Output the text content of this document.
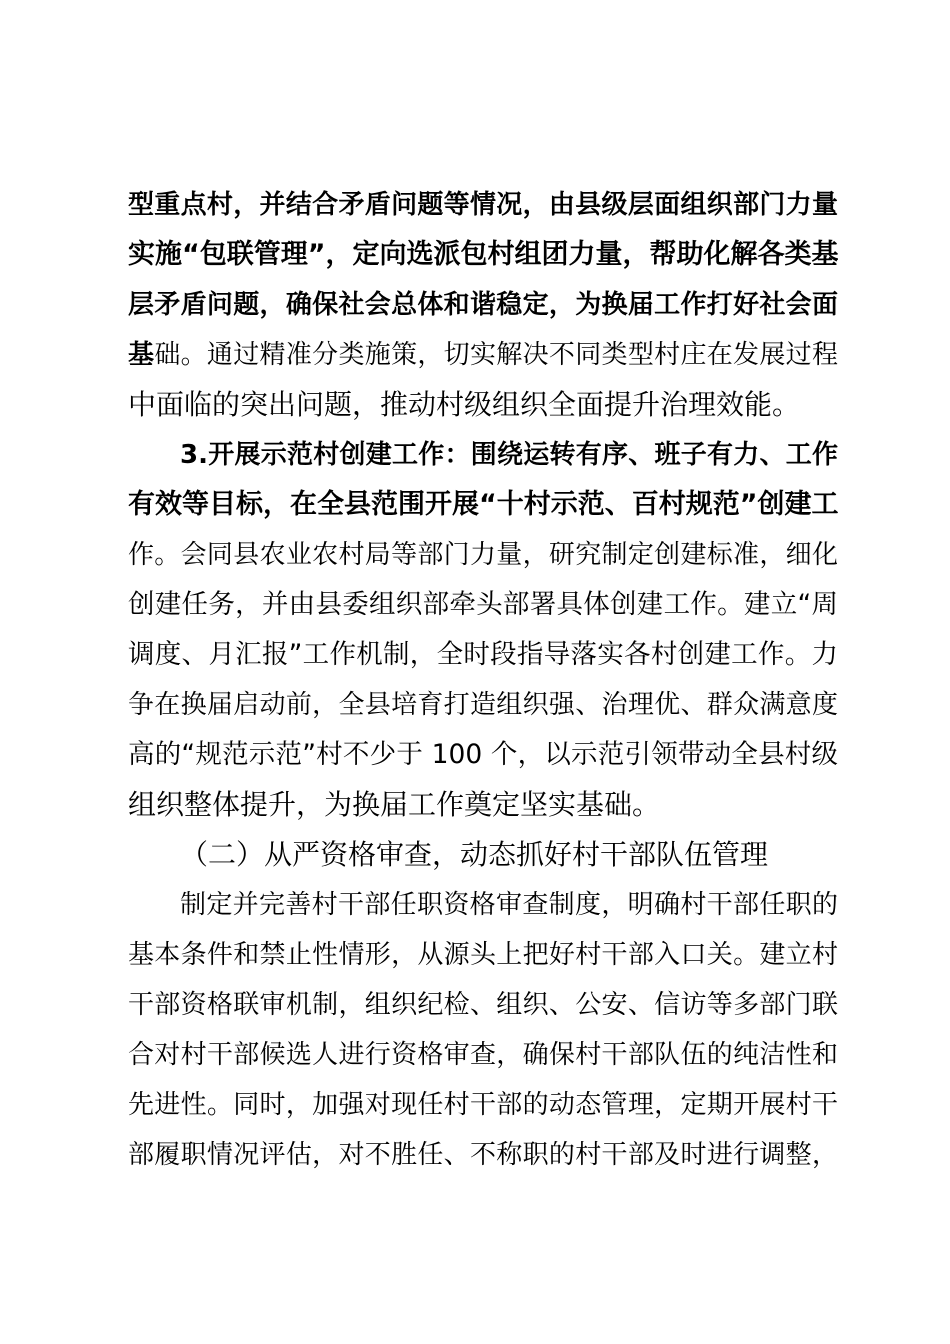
型重点村，并结合矛盾问题等情况，由县级层面组织部门力量
实施“包联管理”，定向选派包村组团力量，帮助化解各类基
层矛盾问题，确保社会总体和谐稳定，为换届工作打好社会面
基础。通过精准分类施策，切实解决不同类型村庄在发展过程
中面临的突出问题，推动村级组织全面提升治理效能。
3.开展示范村创建工作：围绕运转有序、班子有力、工作
有效等目标，在全县范围开展“十村示范、百村规范”创建工
作。会同县农业农村局等部门力量，研究制定创建标准，细化
创建任务，并由县委组织部牵头部署具体创建工作。建立“周
调度、月汇报”工作机制，全时段指导落实各村创建工作。力
争在换届启动前，全县培育打造组织强、治理优、群众满意度
高的“规范示范”村不少于 100 个，以示范引领带动全县村级
组织整体提升，为换届工作奠定坚实基础。
（二）从严资格审查，动态抓好村干部队伍管理
制定并完善村干部任职资格审查制度，明确村干部任职的
基本条件和禁止性情形，从源头上把好村干部入口关。建立村
干部资格联审机制，组织纪检、组织、公安、信访等多部门联
合对村干部候选人进行资格审查，确保村干部队伍的纯洁性和
先进性。同时，加强对现任村干部的动态管理，定期开展村干
部履职情况评估，对不胜任、不称职的村干部及时进行调整，
